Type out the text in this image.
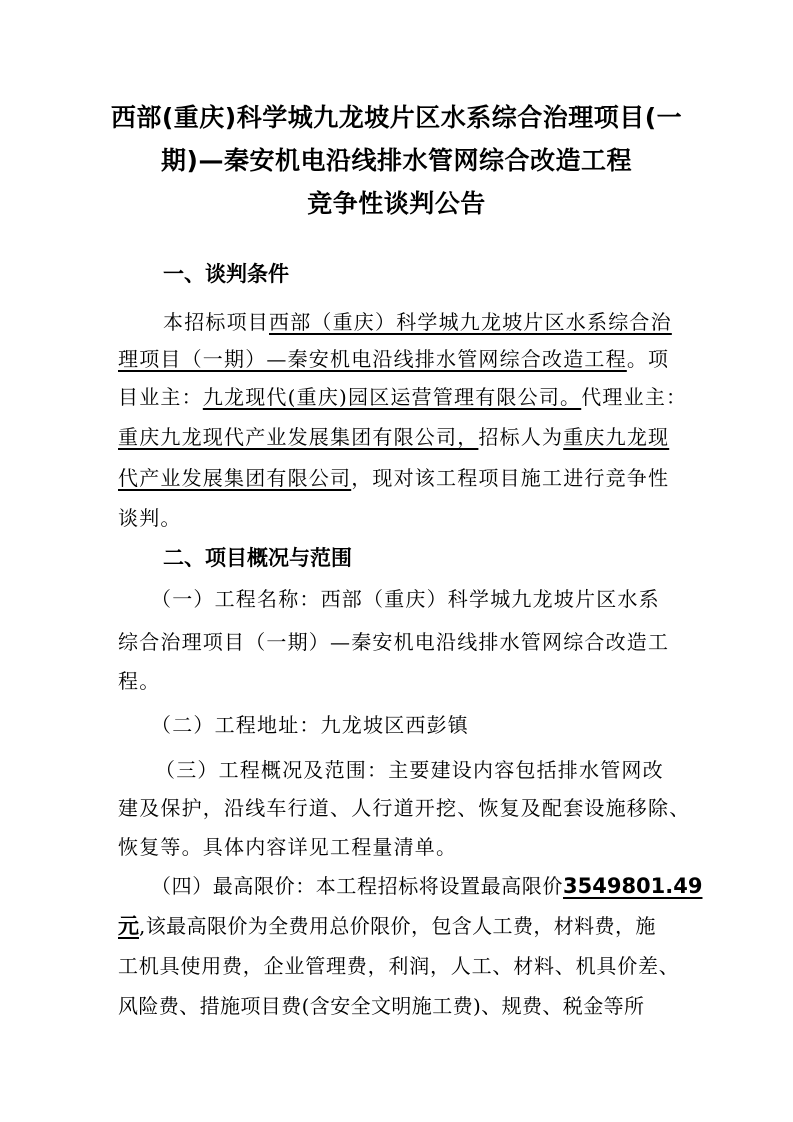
西部(重庆)科学城九龙坡片区水系综合治理项目(一
期)—秦安机电沿线排水管网综合改造工程
竞争性谈判公告
一、谈判条件
本招标项目西部（重庆）科学城九龙坡片区水系综合治
理项目（一期）—秦安机电沿线排水管网综合改造工程。项
目业主：九龙现代(重庆)园区运营管理有限公司。代理业主：
重庆九龙现代产业发展集团有限公司，招标人为重庆九龙现
代产业发展集团有限公司，现对该工程项目施工进行竞争性
谈判。
二、项目概况与范围
（一）工程名称：西部（重庆）科学城九龙坡片区水系
综合治理项目（一期）—秦安机电沿线排水管网综合改造工
程。
（二）工程地址：九龙坡区西彭镇
（三）工程概况及范围：主要建设内容包括排水管网改
建及保护，沿线车行道、人行道开挖、恢复及配套设施移除、
恢复等。具体内容详见工程量清单。
（四）最高限价：本工程招标将设置最高限价3549801.49
元,该最高限价为全费用总价限价，包含人工费，材料费，施
工机具使用费，企业管理费，利润，人工、材料、机具价差、
风险费、措施项目费(含安全文明施工费)、规费、税金等所
